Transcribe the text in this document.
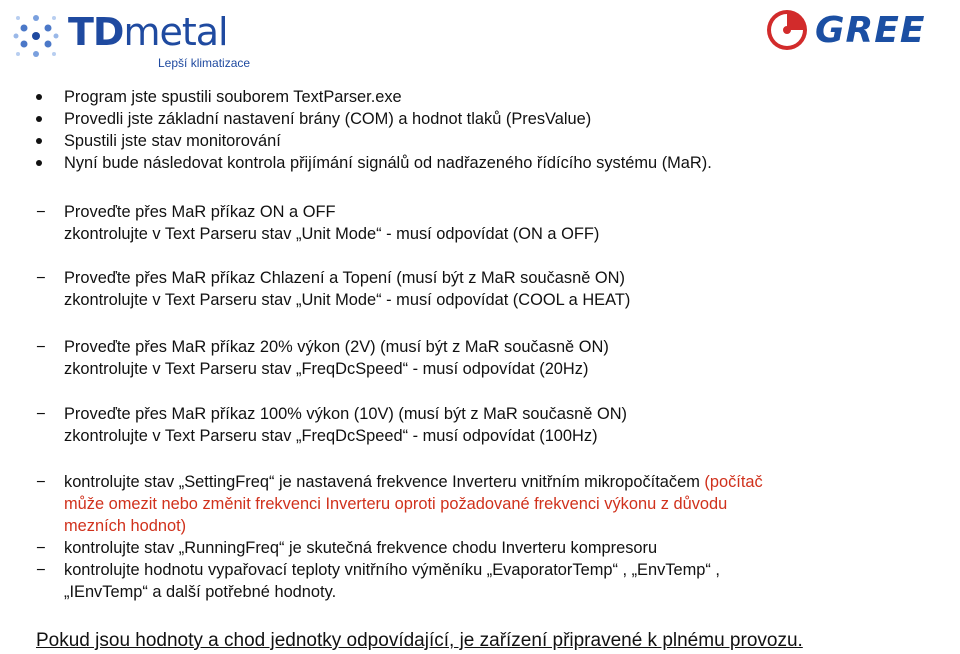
TDmetal
Lepší klimatizace
GREE
Program jste spustili souborem TextParser.exe
Provedli jste základní nastavení brány (COM) a hodnot tlaků (PresValue)
Spustili jste stav monitorování
Nyní bude následovat kontrola přijímání signálů od nadřazeného řídícího systému (MaR).
− Proveďte přes MaR příkaz ON a OFF
zkontrolujte v Text Parseru stav „Unit Mode“ - musí odpovídat (ON a OFF)
− Proveďte přes MaR příkaz Chlazení a Topení (musí být z MaR současně ON)
zkontrolujte v Text Parseru stav „Unit Mode“ - musí odpovídat (COOL a HEAT)
− Proveďte přes MaR příkaz 20% výkon (2V) (musí být z MaR současně ON)
zkontrolujte v Text Parseru stav „FreqDcSpeed“ - musí odpovídat (20Hz)
− Proveďte přes MaR příkaz 100% výkon (10V) (musí být z MaR současně ON)
zkontrolujte v Text Parseru stav „FreqDcSpeed“ - musí odpovídat (100Hz)
− kontrolujte stav „SettingFreq“ je nastavená frekvence Inverteru vnitřním mikropočítačem (počítač
může omezit nebo změnit frekvenci Inverteru oproti požadované frekvenci výkonu z důvodu
mezních hodnot)
− kontrolujte stav „RunningFreq“ je skutečná frekvence chodu Inverteru kompresoru
− kontrolujte hodnotu vypařovací teploty vnitřního výměníku „EvaporatorTemp“ , „EnvTemp“ ,
„IEnvTemp“ a další potřebné hodnoty.
Pokud jsou hodnoty a chod jednotky odpovídající, je zařízení připravené k plnému provozu.
